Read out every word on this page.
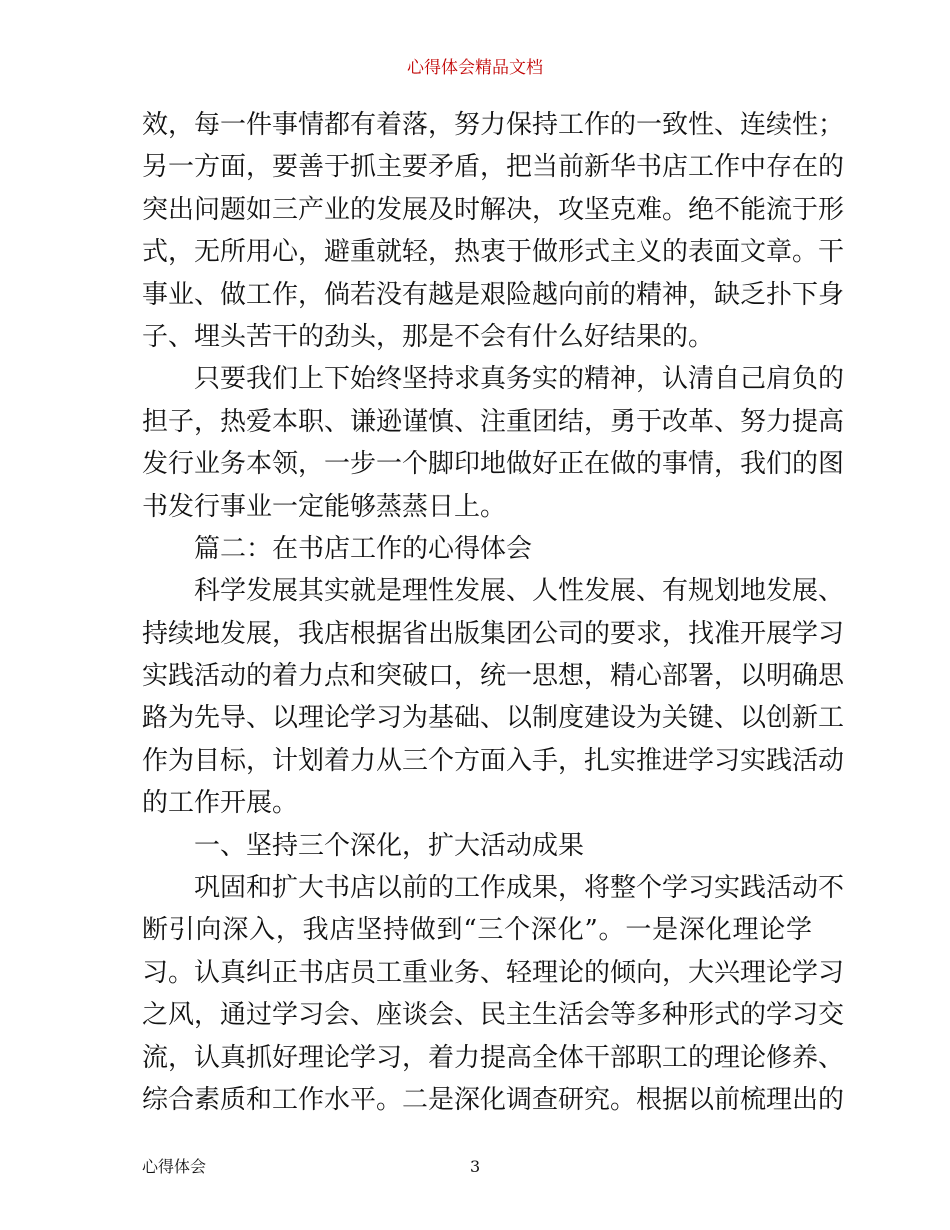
心得体会精品文档
效，每一件事情都有着落，努力保持工作的一致性、连续性；
另一方面，要善于抓主要矛盾，把当前新华书店工作中存在的
突出问题如三产业的发展及时解决，攻坚克难。绝不能流于形
式，无所用心，避重就轻，热衷于做形式主义的表面文章。干
事业、做工作，倘若没有越是艰险越向前的精神，缺乏扑下身
子、埋头苦干的劲头，那是不会有什么好结果的。
　　只要我们上下始终坚持求真务实的精神，认清自己肩负的
担子，热爱本职、谦逊谨慎、注重团结，勇于改革、努力提高
发行业务本领，一步一个脚印地做好正在做的事情，我们的图
书发行事业一定能够蒸蒸日上。
　　篇二：在书店工作的心得体会
　　科学发展其实就是理性发展、人性发展、有规划地发展、
持续地发展，我店根据省出版集团公司的要求，找准开展学习
实践活动的着力点和突破口，统一思想，精心部署，以明确思
路为先导、以理论学习为基础、以制度建设为关键、以创新工
作为目标，计划着力从三个方面入手，扎实推进学习实践活动
的工作开展。
　　一、坚持三个深化，扩大活动成果
　　巩固和扩大书店以前的工作成果，将整个学习实践活动不
断引向深入，我店坚持做到“三个深化”。一是深化理论学
习。认真纠正书店员工重业务、轻理论的倾向，大兴理论学习
之风，通过学习会、座谈会、民主生活会等多种形式的学习交
流，认真抓好理论学习，着力提高全体干部职工的理论修养、
综合素质和工作水平。二是深化调查研究。根据以前梳理出的
心得体会	3
